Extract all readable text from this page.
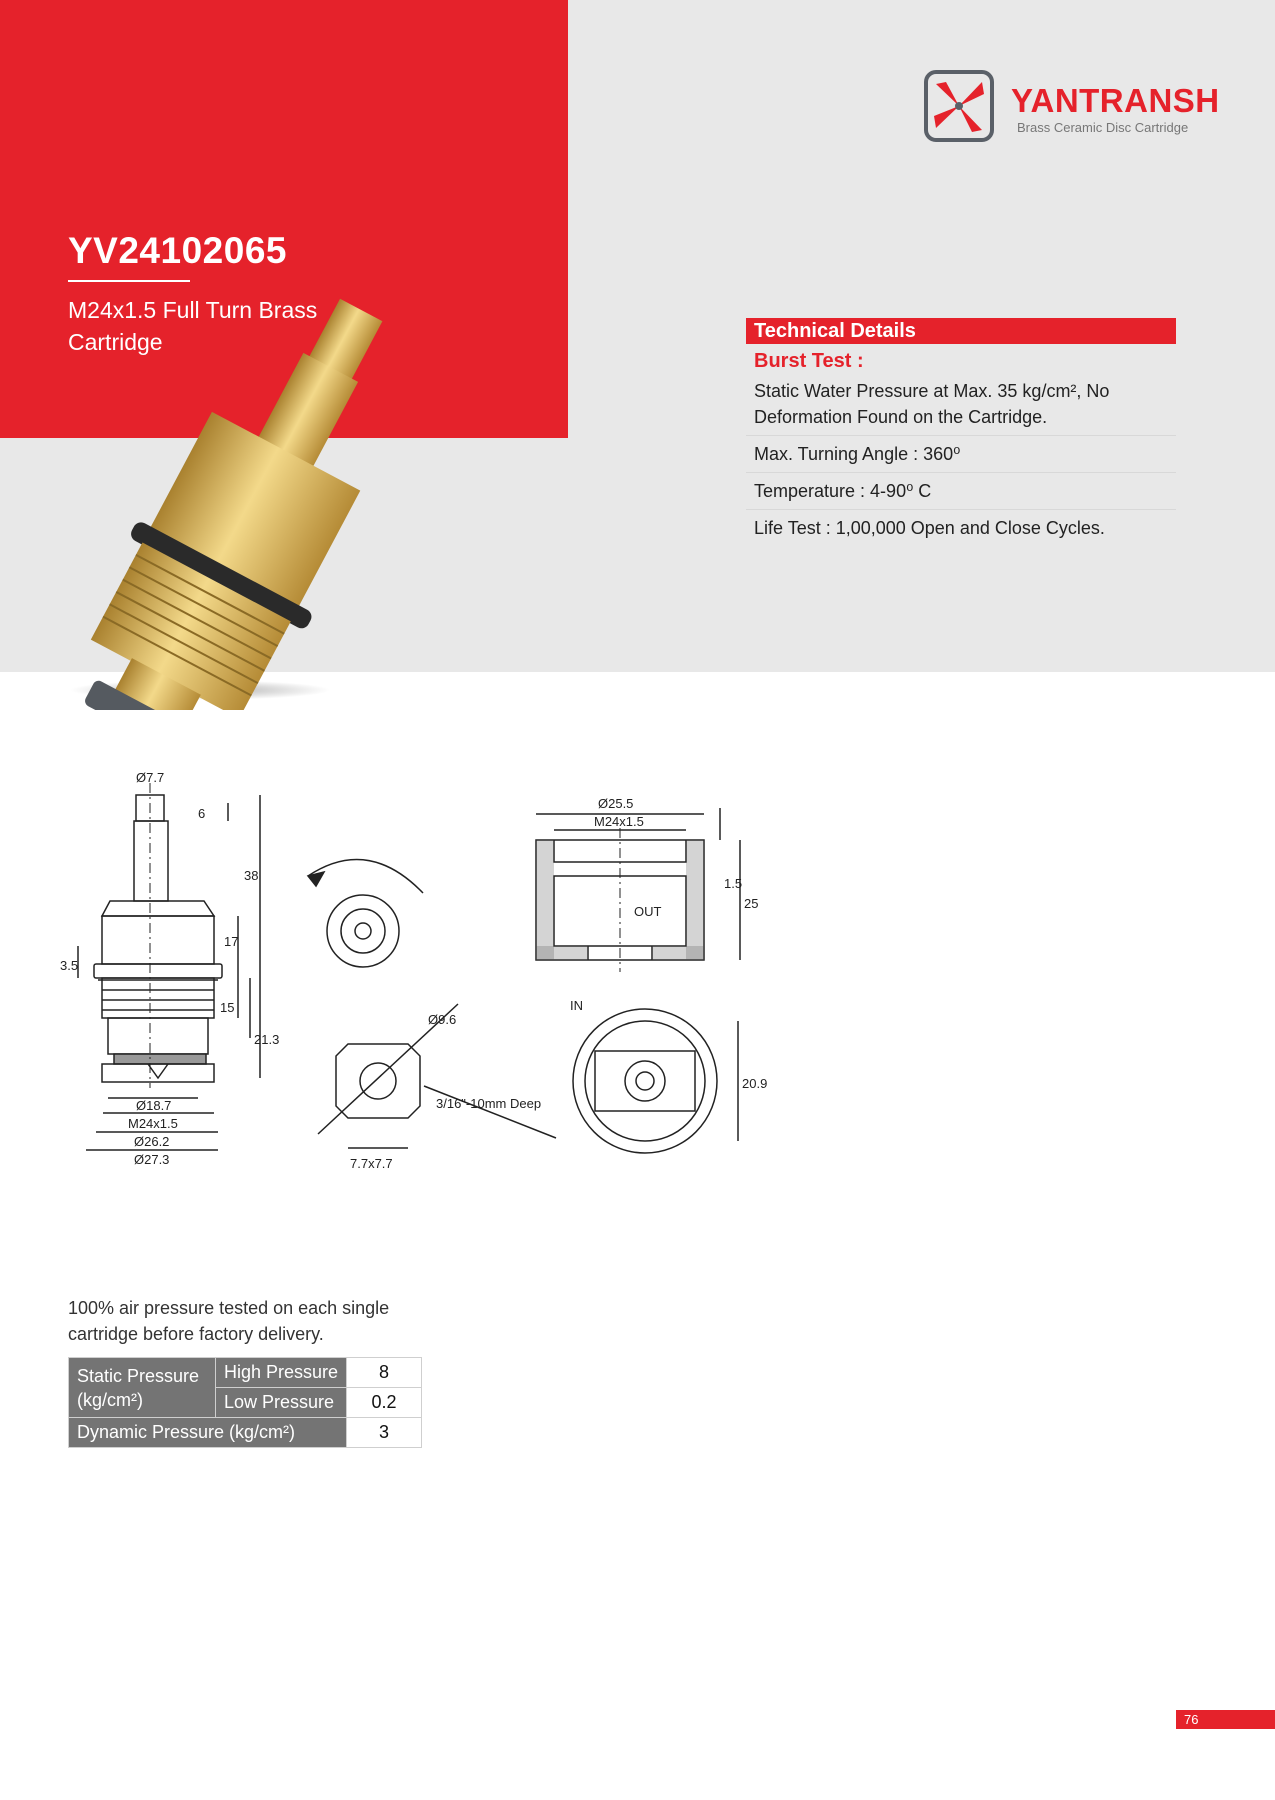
YV24102065
M24x1.5 Full Turn Brass Cartridge
YANTRANSH
Brass Ceramic Disc Cartridge
Technical Details
Burst Test :
Static Water Pressure at Max. 35 kg/cm², No Deformation Found on the Cartridge.
Max. Turning Angle : 360⁰
Temperature : 4-90⁰ C
Life Test : 1,00,000 Open and Close Cycles.
Ø7.7
6
38
17
3.5
15
21.3
Ø18.7
M24x1.5
Ø26.2
Ø27.3
Ø9.6
3/16"-10mm Deep
7.7x7.7
Ø25.5
M24x1.5
OUT
IN
1.5
25
20.9
100% air pressure tested on each single cartridge before factory delivery.
Static Pressure (kg/cm²)	High Pressure	8
	Low Pressure	0.2
Dynamic Pressure (kg/cm²)		3
76
